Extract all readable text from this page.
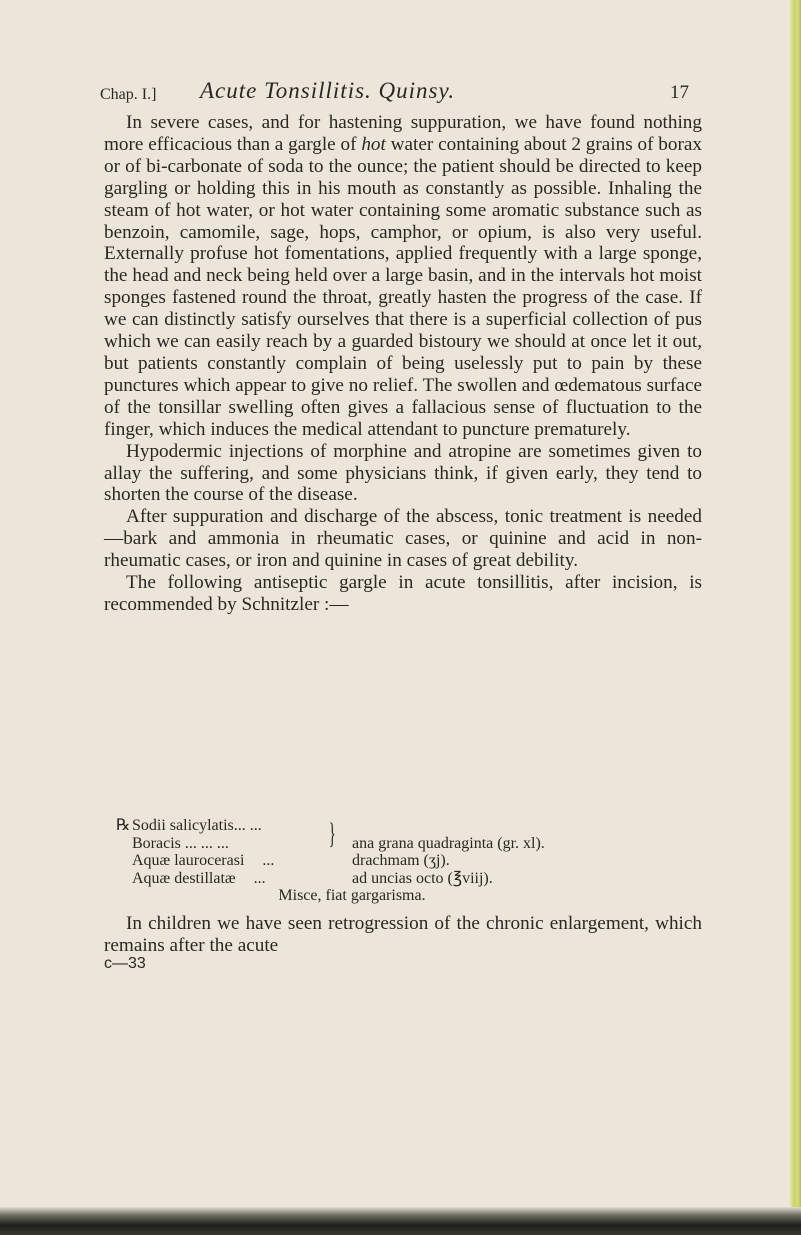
Chap. I.] Acute Tonsillitis. Quinsy.	17

In severe cases, and for hastening suppuration, we have found nothing more efficacious than a gargle of hot water containing about 2 grains of borax or of bi-carbonate of soda to the ounce; the patient should be directed to keep gargling or holding this in his mouth as constantly as possible. Inhaling the steam of hot water, or hot water containing some aromatic substance such as benzoin, camomile, sage, hops, camphor, or opium, is also very useful. Externally profuse hot fomentations, applied frequently with a large sponge, the head and neck being held over a large basin, and in the intervals hot moist sponges fastened round the throat, greatly hasten the progress of the case. If we can distinctly satisfy ourselves that there is a superficial collection of pus which we can easily reach by a guarded bistoury we should at once let it out, but patients constantly complain of being uselessly put to pain by these punctures which appear to give no relief. The swollen and œdematous surface of the tonsillar swelling often gives a fallacious sense of fluctuation to the finger, which induces the medical attendant to puncture prematurely.

Hypodermic injections of morphine and atropine are sometimes given to allay the suffering, and some physicians think, if given early, they tend to shorten the course of the disease.

After suppuration and discharge of the abscess, tonic treatment is needed—bark and ammonia in rheumatic cases, or quinine and acid in non-rheumatic cases, or iron and quinine in cases of great debility.

The following antiseptic gargle in acute tonsillitis, after incision, is recommended by Schnitzler :—

℞ Sodii salicylatis... ... }
Boracis ... ... ...	ana grana quadraginta (gr. xl).
Aquæ laurocerasi ...	drachmam (ʒj).
Aquæ destillatæ ...	ad uncias octo (℥viij).
Misce, fiat gargarisma.

In children we have seen retrogression of the chronic enlargement, which remains after the acute

c—33
